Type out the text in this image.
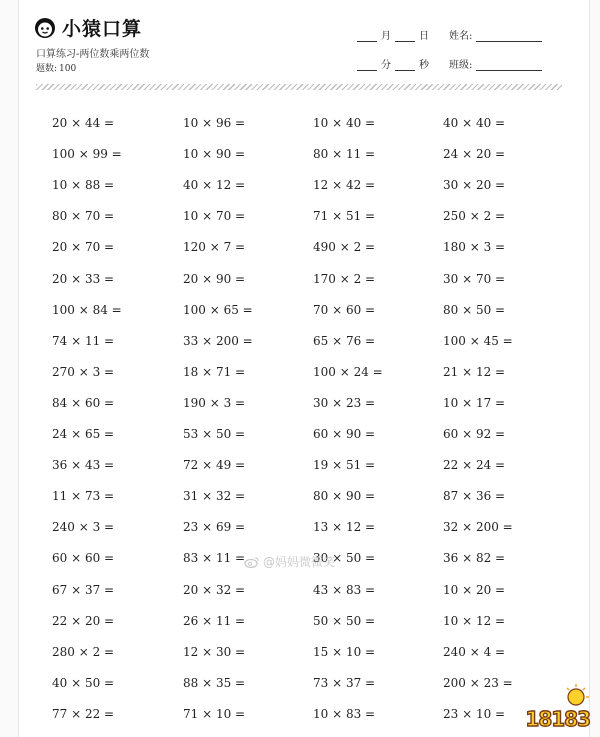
小猿口算
口算练习-两位数乘两位数
题数: 100
月	日
分	秒
姓名:
班级:
20 × 44 =	10 × 96 =	10 × 40 =	40 × 40 =
100 × 99 =	10 × 90 =	80 × 11 =	24 × 20 =
10 × 88 =	40 × 12 =	12 × 42 =	30 × 20 =
80 × 70 =	10 × 70 =	71 × 51 =	250 × 2 =
20 × 70 =	120 × 7 =	490 × 2 =	180 × 3 =
20 × 33 =	20 × 90 =	170 × 2 =	30 × 70 =
100 × 84 =	100 × 65 =	70 × 60 =	80 × 50 =
74 × 11 =	33 × 200 =	65 × 76 =	100 × 45 =
270 × 3 =	18 × 71 =	100 × 24 =	21 × 12 =
84 × 60 =	190 × 3 =	30 × 23 =	10 × 17 =
24 × 65 =	53 × 50 =	60 × 90 =	60 × 92 =
36 × 43 =	72 × 49 =	19 × 51 =	22 × 24 =
11 × 73 =	31 × 32 =	80 × 90 =	87 × 36 =
240 × 3 =	23 × 69 =	13 × 12 =	32 × 200 =
60 × 60 =	83 × 11 =	30 × 50 =	36 × 82 =
67 × 37 =	20 × 32 =	43 × 83 =	10 × 20 =
22 × 20 =	26 × 11 =	50 × 50 =	10 × 12 =
280 × 2 =	12 × 30 =	15 × 10 =	240 × 4 =
40 × 50 =	88 × 35 =	73 × 37 =	200 × 23 =
77 × 22 =	71 × 10 =	10 × 83 =	23 × 10 =
@妈妈微微笑
18183
